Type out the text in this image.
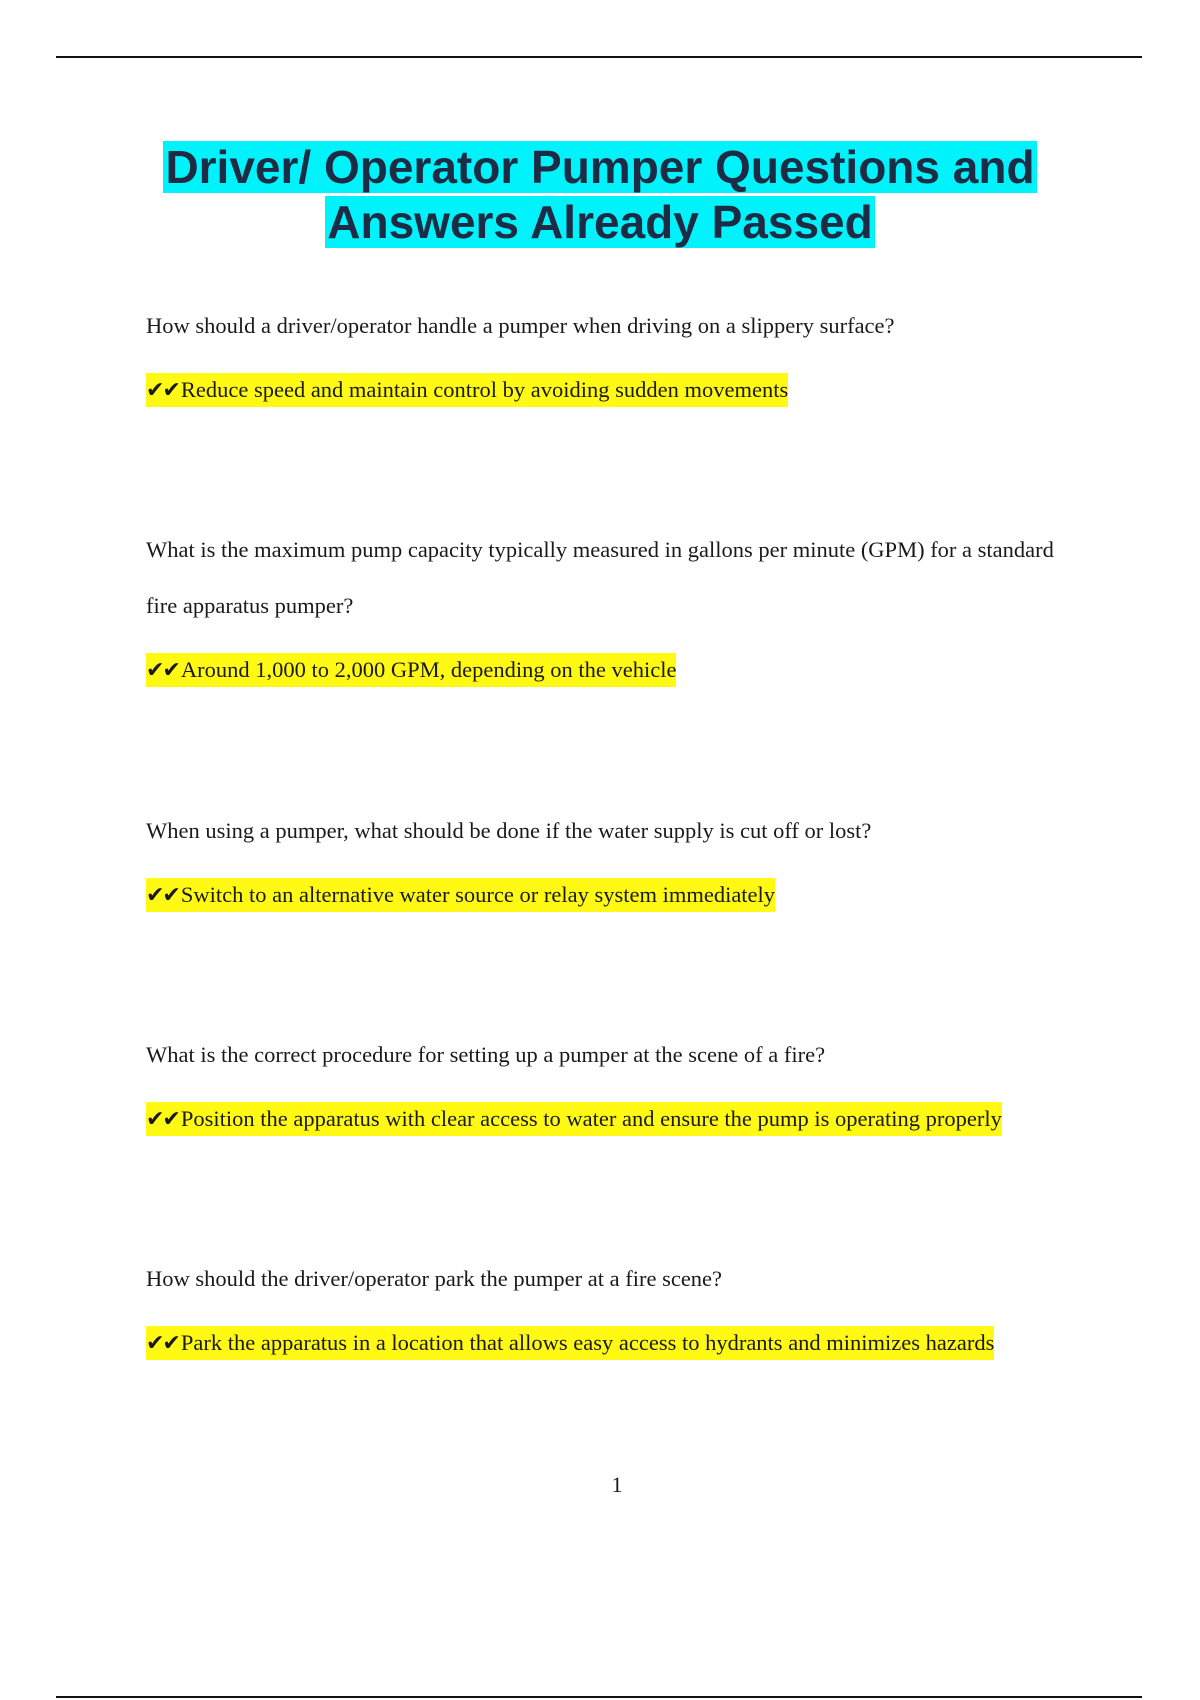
Driver/ Operator Pumper Questions and
Answers Already Passed

How should a driver/operator handle a pumper when driving on a slippery surface?

✔✔Reduce speed and maintain control by avoiding sudden movements

What is the maximum pump capacity typically measured in gallons per minute (GPM) for a standard fire apparatus pumper?

✔✔Around 1,000 to 2,000 GPM, depending on the vehicle

When using a pumper, what should be done if the water supply is cut off or lost?

✔✔Switch to an alternative water source or relay system immediately

What is the correct procedure for setting up a pumper at the scene of a fire?

✔✔Position the apparatus with clear access to water and ensure the pump is operating properly

How should the driver/operator park the pumper at a fire scene?

✔✔Park the apparatus in a location that allows easy access to hydrants and minimizes hazards
1
